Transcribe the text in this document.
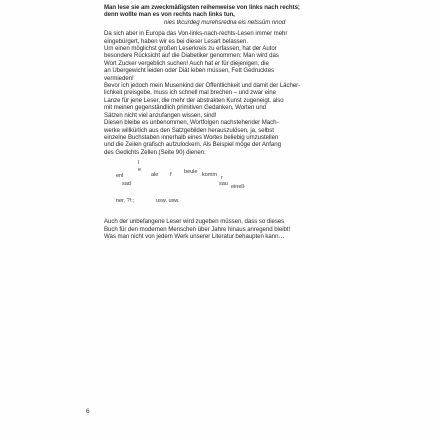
Man lese sie am zweckmäßigsten reihenweise von links nach rechts;
denn wollte man es von rechts nach links tun,
nies tkcurdeg murehsredna eis netssüm nnod
Da sich aber in Europa das Von-links-nach-rechts-Lesen immer mehr
eingebürgert, haben wir es bei dieser Lesart belassen.
Um einen möglichst großen Leserkreis zu erfassen, hat der Autor
besondere Rücksicht auf die Diabetiker genommen: Man wird das
Wort Zucker vergeblich suchen! Auch hat er für diejenigen, die
an Übergewicht leiden oder Diät leben müssen, Fett Gedrucktes
vermieden!
Bevor ich jedoch mein Musenkind der Öffentlichkeit und damit der Lächer-
lichkeit preisgebe, muss ich schnell mal brechen – und zwar eine
Lanze für jene Leser, die mehr der abstrakten Kunst zugeneigt, also
mit meinen gegenständlich primitiven Gedanken, Worten und
Sätzen nicht viel anzufangen wissen, sind!
Diesen bleibe es unbenommen, Wortfolgen nachstehender Mach-
werke willkürlich aus den Satzgebilden herauszulösen, ja, selbst
einzelne Buchstaben innerhalb eines Wortes beliebig umzustellen
und die Zeilen grafisch aufzulockern. Als Beispiel möge der Anfang
des Gedichts Zellen (Seite 90) dienen:
l
e
enl	ale f beule komm r
sad	sau einell·
ner, ?!:;	usw. usw.
Auch der unbefangene Leser wird zugeben müssen, dass so dieses
Buch für den modernen Menschen über Jahre hinaus anregend bleibt!
Was man nicht von jedem Werk unserer Literatur behaupten kann…
6
